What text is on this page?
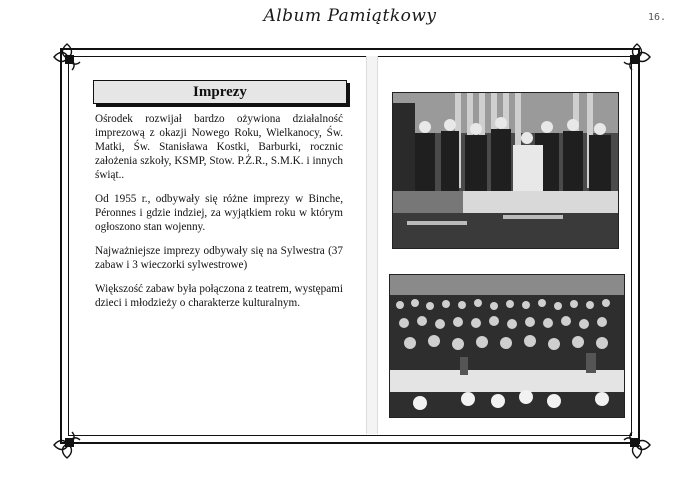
Album Pamiątkowy	16.
Imprezy

Ośrodek rozwijał bardzo ożywiona działalność imprezową z okazji Nowego Roku, Wielkanocy, Św. Matki, Św. Stanisława Kostki, Barburki, rocznic założenia szkoły, KSMP, Stow. P.Ż.R., S.M.K. i innych świąt..

Od 1955 r., odbywały się różne imprezy w Binche, Péronnes i gdzie indziej, za wyjątkiem roku w którym ogłoszono stan wojenny.

Najważniejsze imprezy odbywały się na Sylwestra (37 zabaw i 3 wieczorki sylwestrowe)

Większość zabaw była połączona z teatrem, występami dzieci i młodzieży o charakterze kulturalnym.
